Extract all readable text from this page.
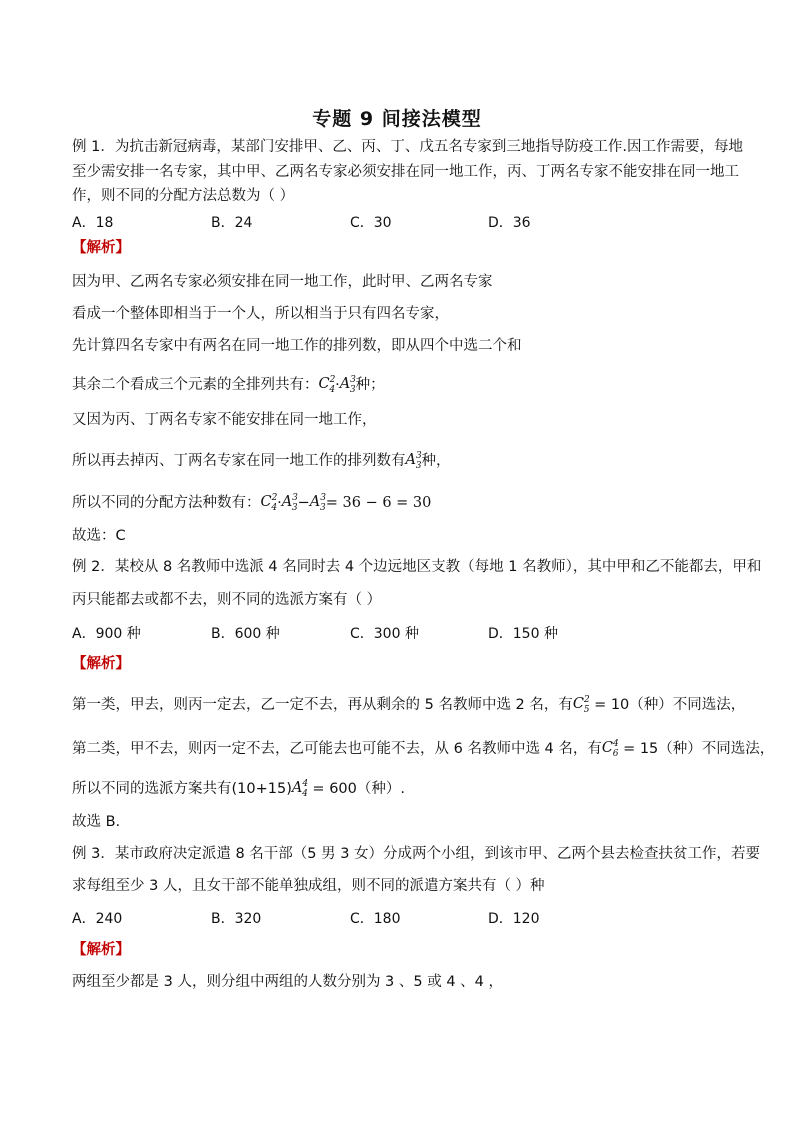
专题 9 间接法模型
例 1．为抗击新冠病毒，某部门安排甲、乙、丙、丁、戊五名专家到三地指导防疫工作.因工作需要，每地
至少需安排一名专家，其中甲、乙两名专家必须安排在同一地工作，丙、丁两名专家不能安排在同一地工
作，则不同的分配方法总数为（ ）
A．18	B．24	C．30	D．36
【解析】
因为甲、乙两名专家必须安排在同一地工作，此时甲、乙两名专家
看成一个整体即相当于一个人，所以相当于只有四名专家，
先计算四名专家中有两名在同一地工作的排列数，即从四个中选二个和
其余二个看成三个元素的全排列共有：$C^2_4\cdot A^3_3$种；
又因为丙、丁两名专家不能安排在同一地工作，
所以再去掉丙、丁两名专家在同一地工作的排列数有$A^3_3$种，
所以不同的分配方法种数有：$C^2_4\cdot A^3_3-A^3_3= 36 - 6 = 30$
故选：C
例 2．某校从 8 名教师中选派 4 名同时去 4 个边远地区支教（每地 1 名教师），其中甲和乙不能都去，甲和
丙只能都去或都不去，则不同的选派方案有（ ）
A．900 种	B．600 种	C．300 种	D．150 种
【解析】
第一类，甲去，则丙一定去，乙一定不去，再从剩余的 5 名教师中选 2 名，有$C^2_5 = 10$（种）不同选法，
第二类，甲不去，则丙一定不去，乙可能去也可能不去，从 6 名教师中选 4 名，有$C^4_6 = 15$（种）不同选法，
所以不同的选派方案共有$(10+15)A^4_4 = 600$（种）.
故选 B.
例 3．某市政府决定派遣 8 名干部（5 男 3 女）分成两个小组，到该市甲、乙两个县去检查扶贫工作，若要
求每组至少 3 人，且女干部不能单独成组，则不同的派遣方案共有（ ）种
A．240	B．320	C．180	D．120
【解析】
两组至少都是 3 人，则分组中两组的人数分别为 3 、5 或 4 、4 ，
